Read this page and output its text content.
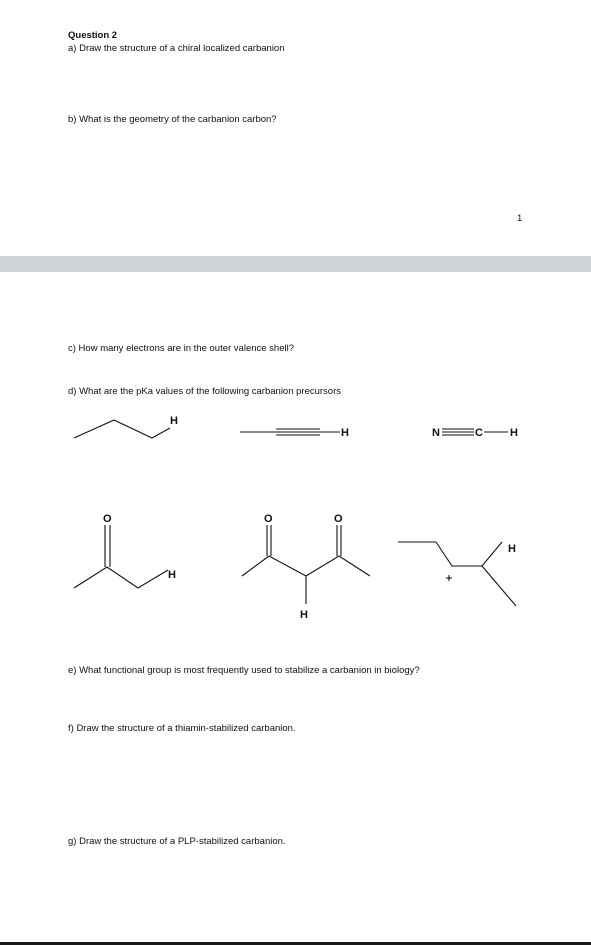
Question 2
a) Draw the structure of a chiral localized carbanion
b) What is the geometry of the carbanion carbon?
1
c) How many electrons are in the outer valence shell?
d) What are the pKa values of the following carbanion precursors
H
H	N	C H
O
H
O	O
H
H
e) What functional group is most frequently used to stabilize a carbanion in biology?
f) Draw the structure of a thiamin-stabilized carbanion.
g) Draw the structure of a PLP-stabilized carbanion.
